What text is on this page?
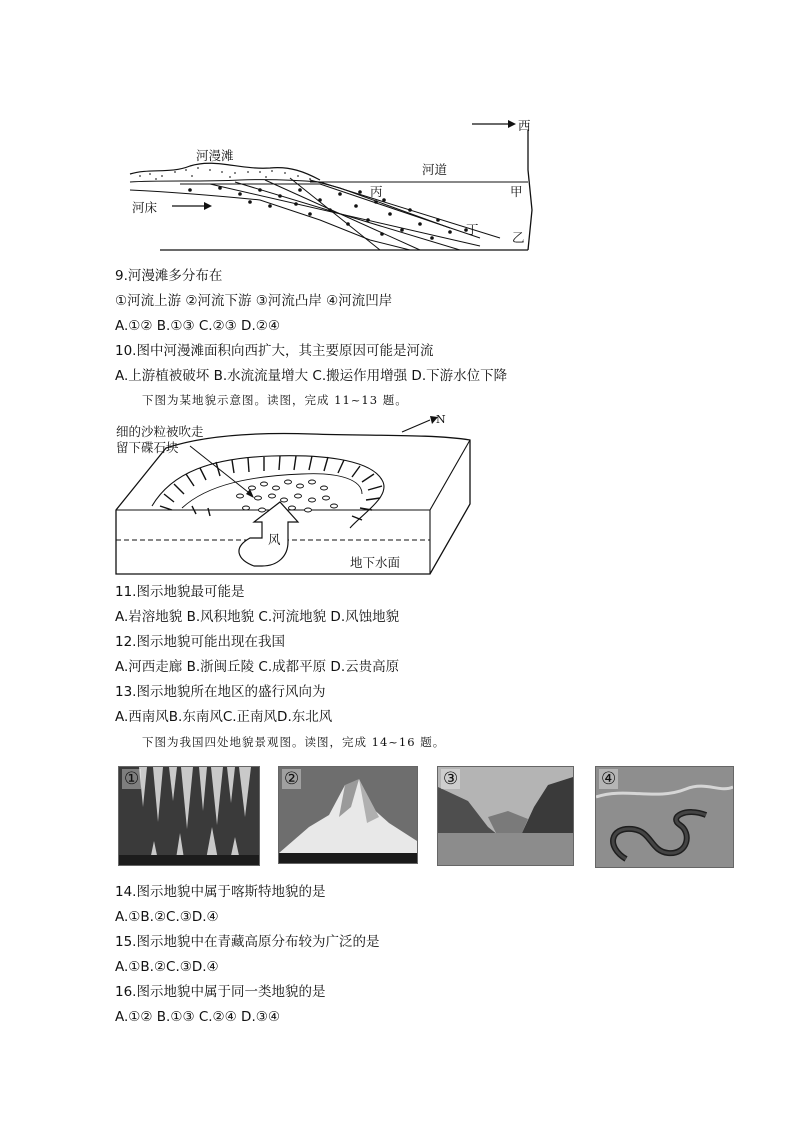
西
河漫滩
河道
河床
丙	甲
丁
乙
9.河漫滩多分布在
①河流上游 ②河流下游 ③河流凸岸 ④河流凹岸
A.①② B.①③ C.②③ D.②④
10.图中河漫滩面积向西扩大，其主要原因可能是河流
A.上游植被破坏 B.水流流量增大 C.搬运作用增强 D.下游水位下降
下图为某地貌示意图。读图，完成 11~13 题。
N
细的沙粒被吹走
留下碟石块
风
地下水面
11.图示地貌最可能是
A.岩溶地貌 B.风积地貌 C.河流地貌 D.风蚀地貌
12.图示地貌可能出现在我国
A.河西走廊 B.浙闽丘陵 C.成都平原 D.云贵高原
13.图示地貌所在地区的盛行风向为
A.西南风B.东南风C.正南风D.东北风
下图为我国四处地貌景观图。读图，完成 14~16 题。
①	②	③	④
14.图示地貌中属于喀斯特地貌的是
A.①B.②C.③D.④
15.图示地貌中在青藏高原分布较为广泛的是
A.①B.②C.③D.④
16.图示地貌中属于同一类地貌的是
A.①② B.①③ C.②④ D.③④
